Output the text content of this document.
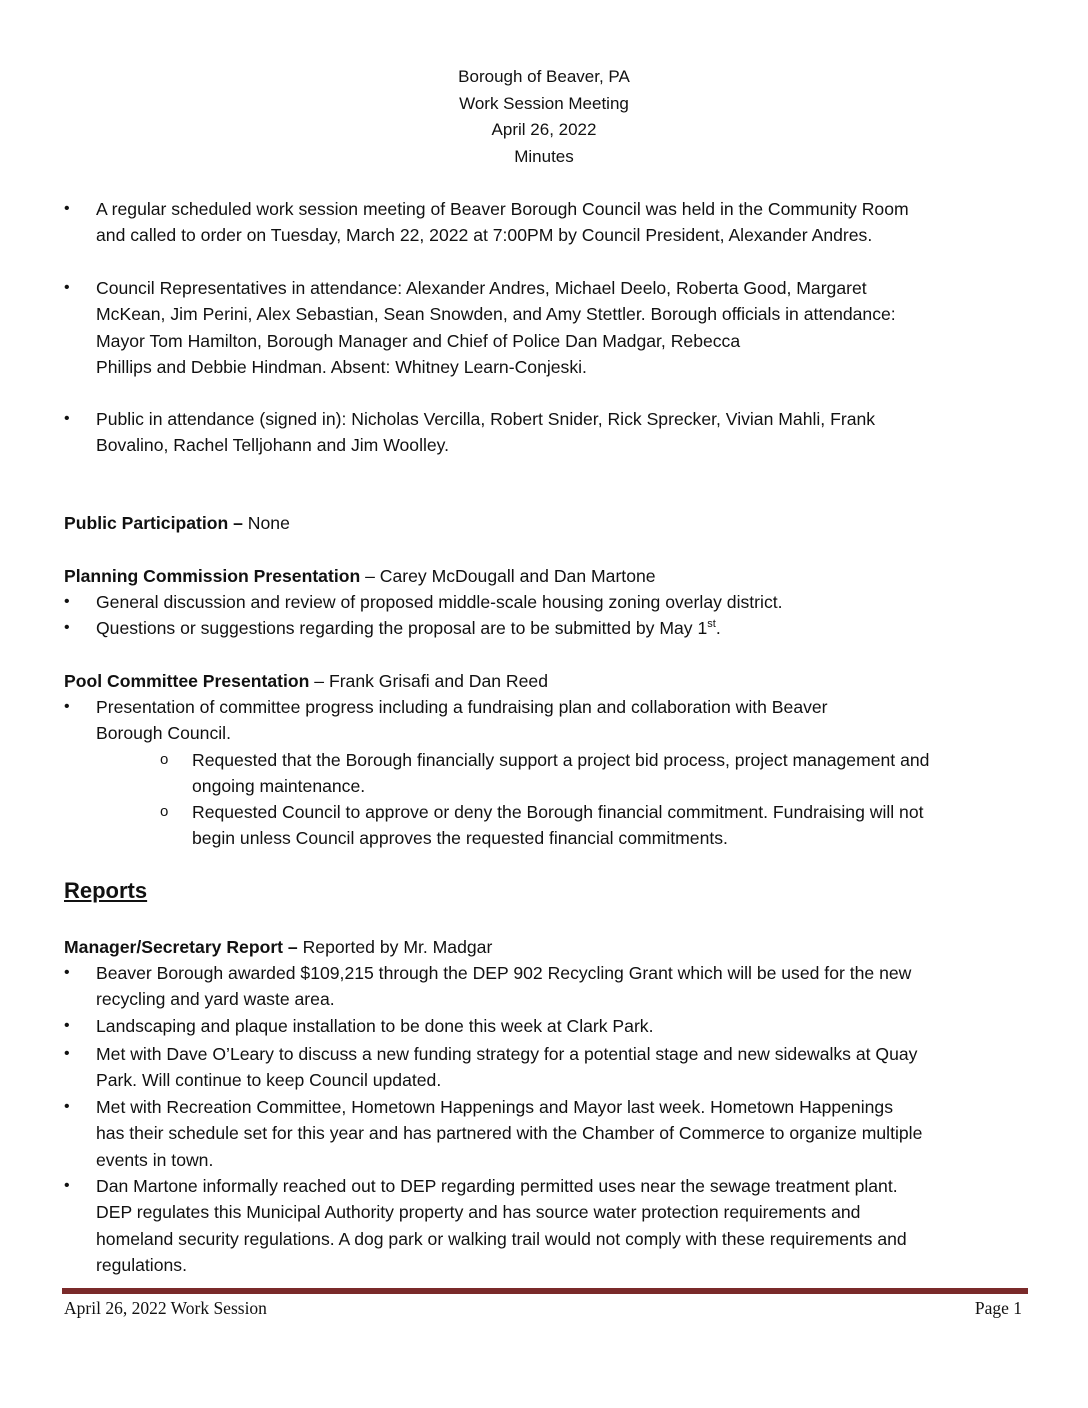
Borough of Beaver, PA
Work Session Meeting
April 26, 2022
Minutes
• A regular scheduled work session meeting of Beaver Borough Council was held in the Community Room
and called to order on Tuesday, March 22, 2022 at 7:00PM by Council President, Alexander Andres.
• Council Representatives in attendance: Alexander Andres, Michael Deelo, Roberta Good, Margaret
McKean, Jim Perini, Alex Sebastian, Sean Snowden, and Amy Stettler. Borough officials in attendance:
Mayor Tom Hamilton, Borough Manager and Chief of Police Dan Madgar, Rebecca
Phillips and Debbie Hindman. Absent: Whitney Learn-Conjeski.
• Public in attendance (signed in): Nicholas Vercilla, Robert Snider, Rick Sprecker, Vivian Mahli, Frank
Bovalino, Rachel Telljohann and Jim Woolley.
Public Participation – None
Planning Commission Presentation – Carey McDougall and Dan Martone
• General discussion and review of proposed middle-scale housing zoning overlay district.
• Questions or suggestions regarding the proposal are to be submitted by May 1st.
Pool Committee Presentation – Frank Grisafi and Dan Reed
• Presentation of committee progress including a fundraising plan and collaboration with Beaver
Borough Council.
o Requested that the Borough financially support a project bid process, project management and
ongoing maintenance.
o Requested Council to approve or deny the Borough financial commitment. Fundraising will not
begin unless Council approves the requested financial commitments.
Reports
Manager/Secretary Report – Reported by Mr. Madgar
• Beaver Borough awarded $109,215 through the DEP 902 Recycling Grant which will be used for the new
recycling and yard waste area.
• Landscaping and plaque installation to be done this week at Clark Park.
• Met with Dave O’Leary to discuss a new funding strategy for a potential stage and new sidewalks at Quay
Park. Will continue to keep Council updated.
• Met with Recreation Committee, Hometown Happenings and Mayor last week. Hometown Happenings
has their schedule set for this year and has partnered with the Chamber of Commerce to organize multiple
events in town.
• Dan Martone informally reached out to DEP regarding permitted uses near the sewage treatment plant.
DEP regulates this Municipal Authority property and has source water protection requirements and
homeland security regulations. A dog park or walking trail would not comply with these requirements and
regulations.
April 26, 2022 Work Session	Page 1
